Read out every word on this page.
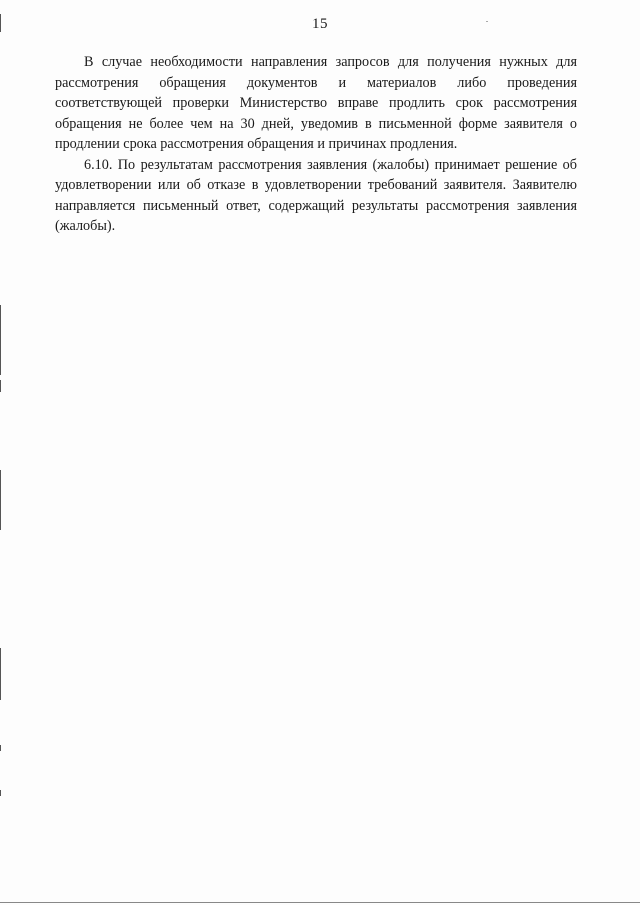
15

В случае необходимости направления запросов для получения нужных для рассмотрения обращения документов и материалов либо проведения соответствующей проверки Министерство вправе продлить срок рассмотрения обращения не более чем на 30 дней, уведомив в письменной форме заявителя о продлении срока рассмотрения обращения и причинах продления.

6.10. По результатам рассмотрения заявления (жалобы) принимает решение об удовлетворении или об отказе в удовлетворении требований заявителя. Заявителю направляется письменный ответ, содержащий результаты рассмотрения заявления (жалобы).
